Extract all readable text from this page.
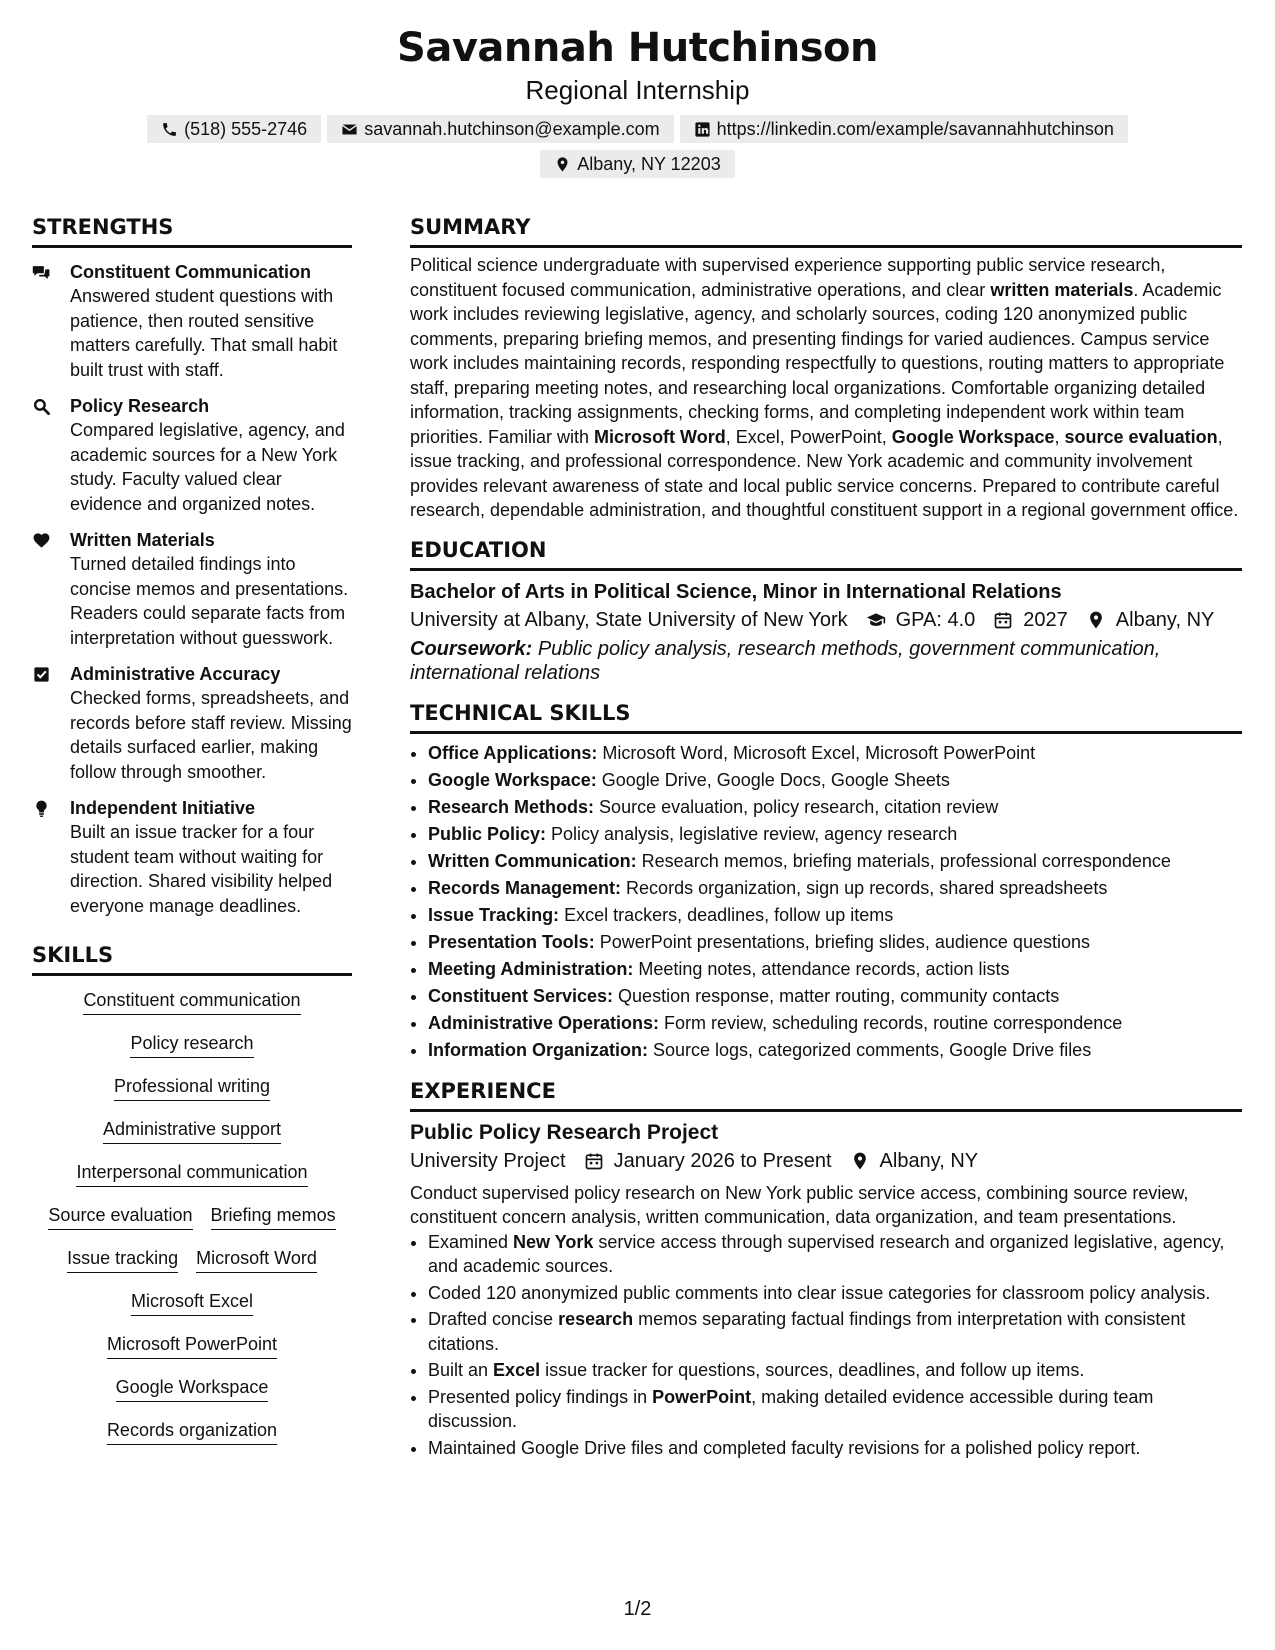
Savannah Hutchinson
Regional Internship
(518) 555-2746	savannah.hutchinson@example.com	https://linkedin.com/example/savannahhutchinson
Albany, NY 12203
STRENGTHS
Constituent Communication
Answered student questions with patience, then routed sensitive matters carefully. That small habit built trust with staff.
Policy Research
Compared legislative, agency, and academic sources for a New York study. Faculty valued clear evidence and organized notes.
Written Materials
Turned detailed findings into concise memos and presentations. Readers could separate facts from interpretation without guesswork.
Administrative Accuracy
Checked forms, spreadsheets, and records before staff review. Missing details surfaced earlier, making follow through smoother.
Independent Initiative
Built an issue tracker for a four student team without waiting for direction. Shared visibility helped everyone manage deadlines.
SKILLS
Constituent communication
Policy research
Professional writing
Administrative support
Interpersonal communication
Source evaluation Briefing memos
Issue tracking Microsoft Word
Microsoft Excel
Microsoft PowerPoint
Google Workspace
Records organization
SUMMARY
Political science undergraduate with supervised experience supporting public service research, constituent focused communication, administrative operations, and clear written materials. Academic work includes reviewing legislative, agency, and scholarly sources, coding 120 anonymized public comments, preparing briefing memos, and presenting findings for varied audiences. Campus service work includes maintaining records, responding respectfully to questions, routing matters to appropriate staff, preparing meeting notes, and researching local organizations. Comfortable organizing detailed information, tracking assignments, checking forms, and completing independent work within team priorities. Familiar with Microsoft Word, Excel, PowerPoint, Google Workspace, source evaluation, issue tracking, and professional correspondence. New York academic and community involvement provides relevant awareness of state and local public service concerns. Prepared to contribute careful research, dependable administration, and thoughtful constituent support in a regional government office.
EDUCATION
Bachelor of Arts in Political Science, Minor in International Relations
University at Albany, State University of New York GPA: 4.0 2027 Albany, NY
Coursework: Public policy analysis, research methods, government communication, international relations
TECHNICAL SKILLS
• Office Applications: Microsoft Word, Microsoft Excel, Microsoft PowerPoint
• Google Workspace: Google Drive, Google Docs, Google Sheets
• Research Methods: Source evaluation, policy research, citation review
• Public Policy: Policy analysis, legislative review, agency research
• Written Communication: Research memos, briefing materials, professional correspondence
• Records Management: Records organization, sign up records, shared spreadsheets
• Issue Tracking: Excel trackers, deadlines, follow up items
• Presentation Tools: PowerPoint presentations, briefing slides, audience questions
• Meeting Administration: Meeting notes, attendance records, action lists
• Constituent Services: Question response, matter routing, community contacts
• Administrative Operations: Form review, scheduling records, routine correspondence
• Information Organization: Source logs, categorized comments, Google Drive files
EXPERIENCE
Public Policy Research Project
University Project January 2026 to Present Albany, NY
Conduct supervised policy research on New York public service access, combining source review, constituent concern analysis, written communication, data organization, and team presentations.
• Examined New York service access through supervised research and organized legislative, agency, and academic sources.
• Coded 120 anonymized public comments into clear issue categories for classroom policy analysis.
• Drafted concise research memos separating factual findings from interpretation with consistent citations.
• Built an Excel issue tracker for questions, sources, deadlines, and follow up items.
• Presented policy findings in PowerPoint, making detailed evidence accessible during team discussion.
• Maintained Google Drive files and completed faculty revisions for a polished policy report.
1/2
